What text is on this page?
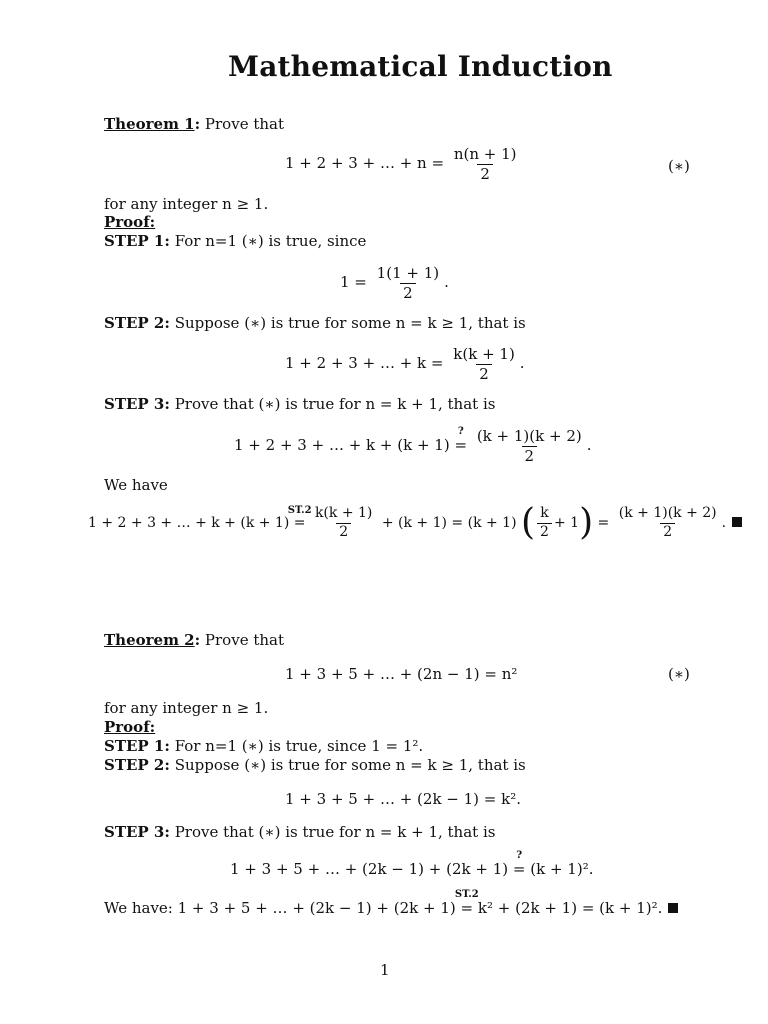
Mathematical Induction
Theorem 1: Prove that
1 + 2 + 3 + … + $n = \frac{n(n + 1)}{2}$	(∗)
for any integer n ≥ 1.
Proof:
STEP 1: For n=1 (∗) is true, since
$1 = \frac{1(1 + 1)}{2}$ .
STEP 2: Suppose (∗) is true for some n = k ≥ 1, that is
1 + 2 + 3 + … + $k = \frac{k(k + 1)}{2}$ .
STEP 3: Prove that (∗) is true for n = k + 1, that is
1 + 2 + 3 + … + k + (k + 1)
?
= $\frac{(k + 1)(k + 2)}{2}$ .
We have
1 + 2 + 3 + … + k + (k + 1)
ST.2
= $\frac{k(k + 1)}{2} + (k + 1) = (k + 1)$ ( $\frac{k}{2} + 1) = \frac{(k + 1)(k + 2)}{2}$ .
Theorem 2: Prove that
1 + 3 + 5 + … + (2n − 1) = n²	(∗)
for any integer n ≥ 1.
Proof:
STEP 1: For n=1 (∗) is true, since 1 = 1².
STEP 2: Suppose (∗) is true for some n = k ≥ 1, that is
1 + 3 + 5 + … + (2k − 1) = k².
STEP 3: Prove that (∗) is true for n = k + 1, that is
1 + 3 + 5 + … + (2k − 1) + (2k + 1)
?
= (k + 1)².
We have: 1 + 3 + 5 + … + (2k − 1) + (2k + 1)
ST.2
= k² + (2k + 1) = (k + 1)².
1
